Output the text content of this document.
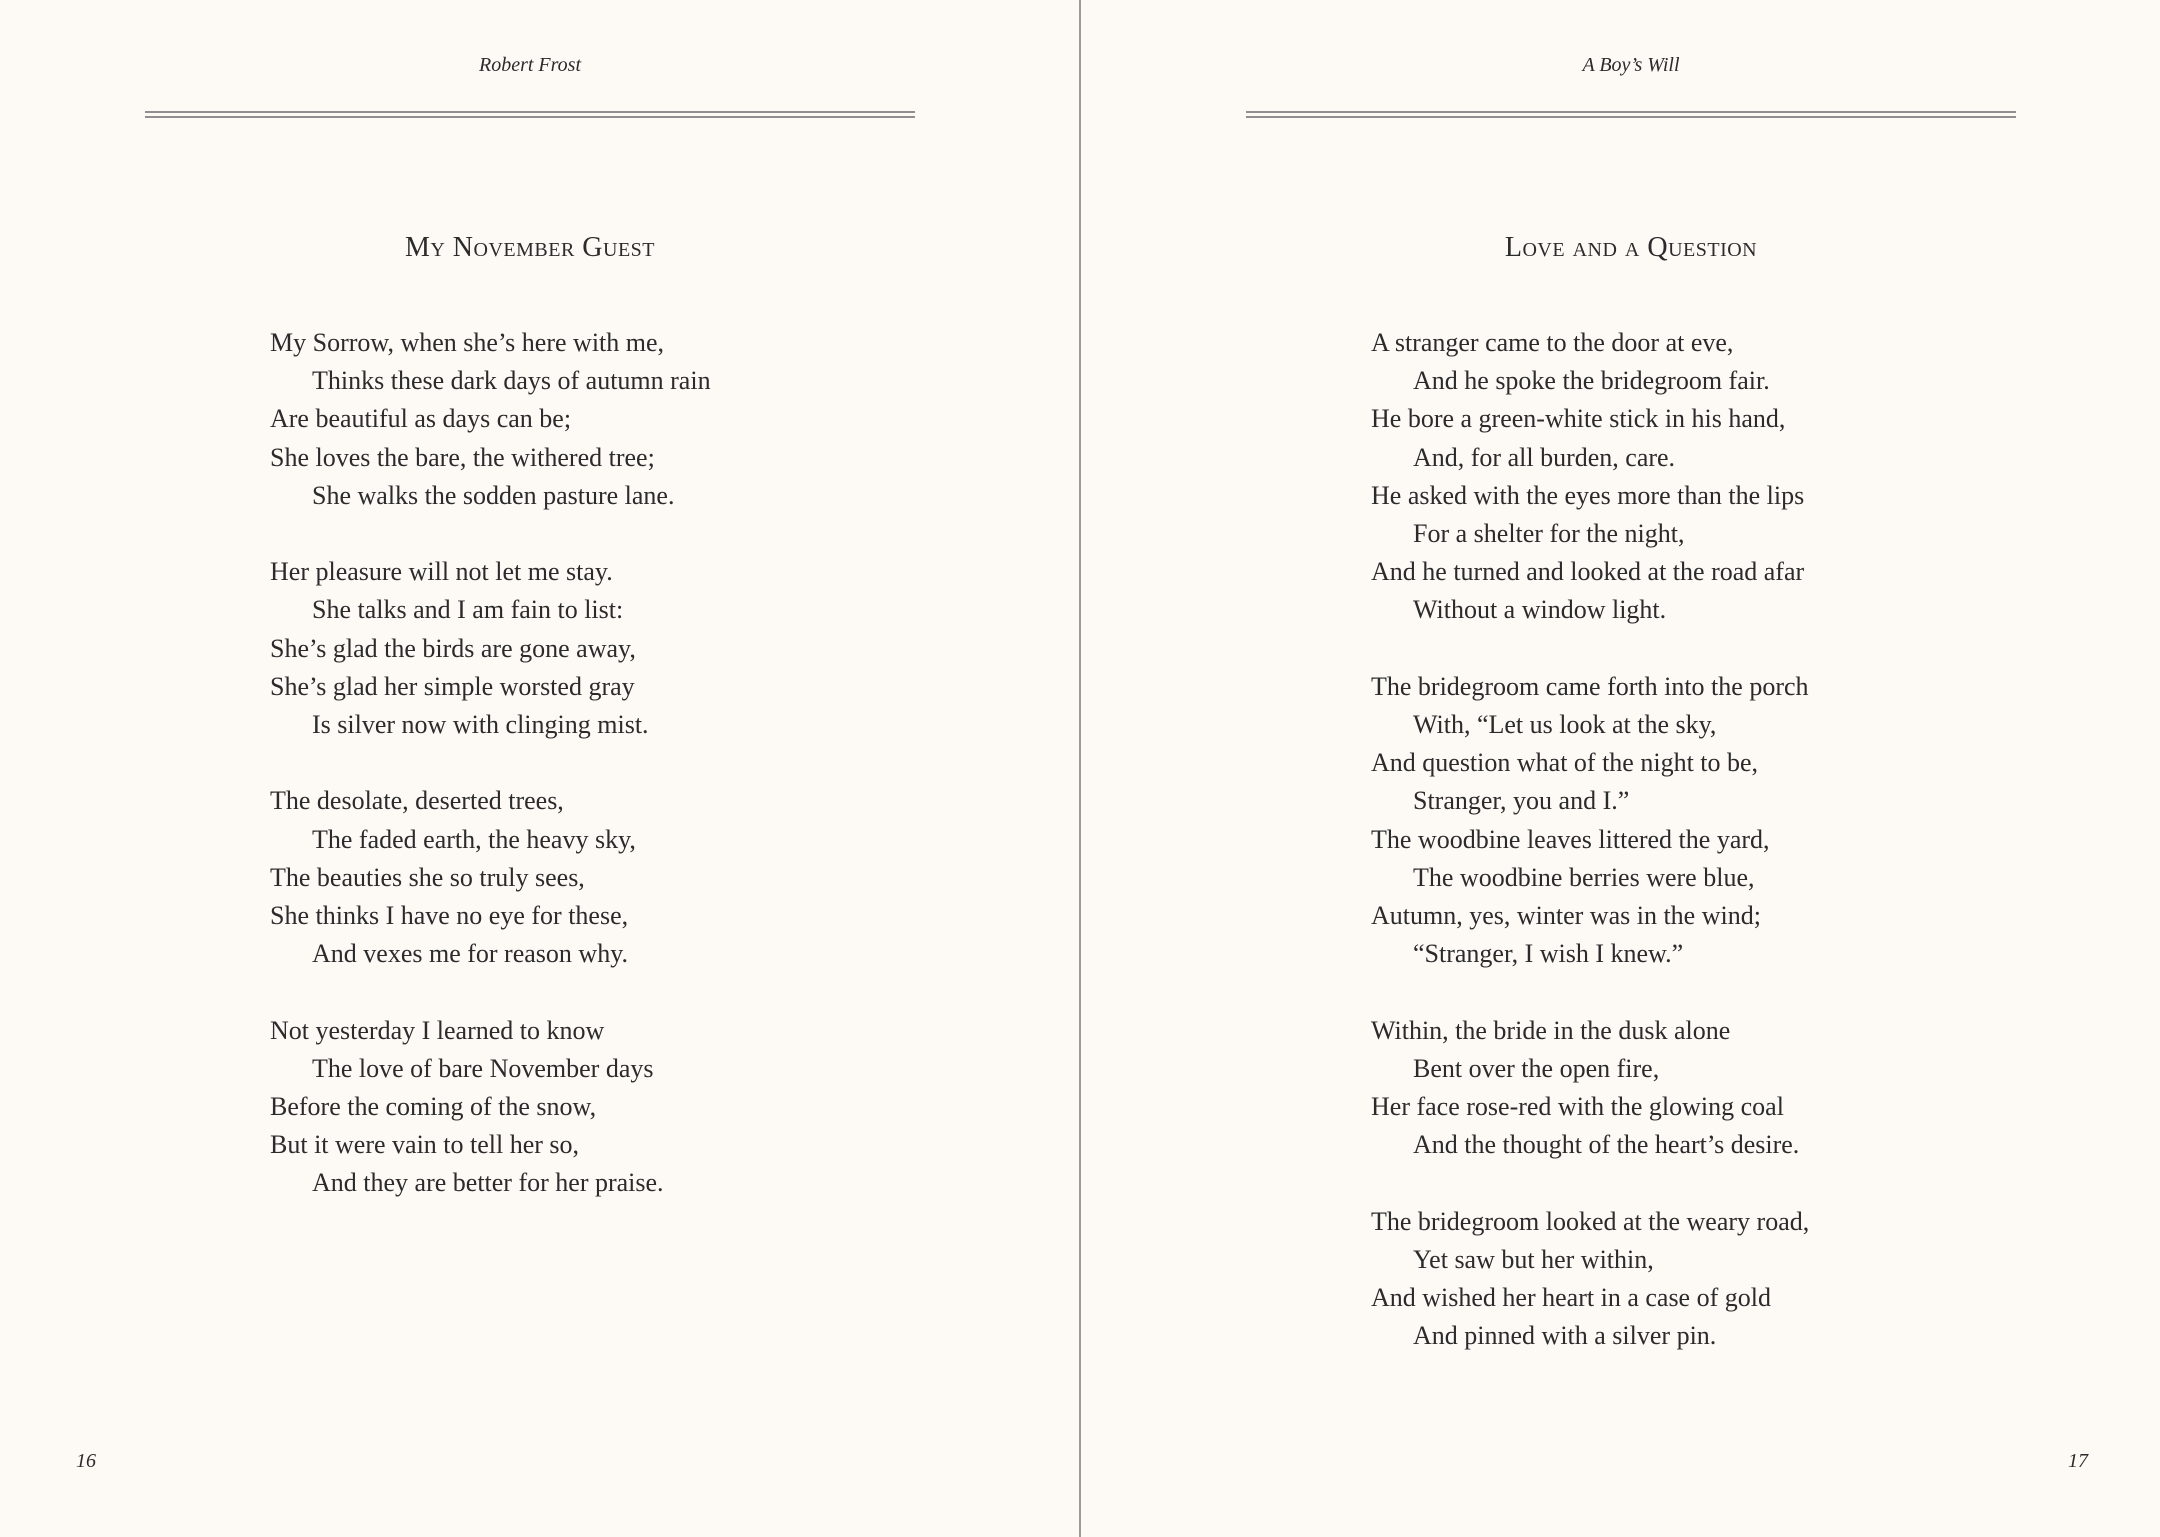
Robert Frost
My November Guest
My Sorrow, when she’s here with me,
Thinks these dark days of autumn rain
Are beautiful as days can be;
She loves the bare, the withered tree;
She walks the sodden pasture lane.
Her pleasure will not let me stay.
She talks and I am fain to list:
She’s glad the birds are gone away,
She’s glad her simple worsted gray
Is silver now with clinging mist.
The desolate, deserted trees,
The faded earth, the heavy sky,
The beauties she so truly sees,
She thinks I have no eye for these,
And vexes me for reason why.
Not yesterday I learned to know
The love of bare November days
Before the coming of the snow,
But it were vain to tell her so,
And they are better for her praise.
16
A Boy’s Will
Love and a Question
A stranger came to the door at eve,
And he spoke the bridegroom fair.
He bore a green-white stick in his hand,
And, for all burden, care.
He asked with the eyes more than the lips
For a shelter for the night,
And he turned and looked at the road afar
Without a window light.
The bridegroom came forth into the porch
With, “Let us look at the sky,
And question what of the night to be,
Stranger, you and I.”
The woodbine leaves littered the yard,
The woodbine berries were blue,
Autumn, yes, winter was in the wind;
“Stranger, I wish I knew.”
Within, the bride in the dusk alone
Bent over the open fire,
Her face rose-red with the glowing coal
And the thought of the heart’s desire.
The bridegroom looked at the weary road,
Yet saw but her within,
And wished her heart in a case of gold
And pinned with a silver pin.
17
